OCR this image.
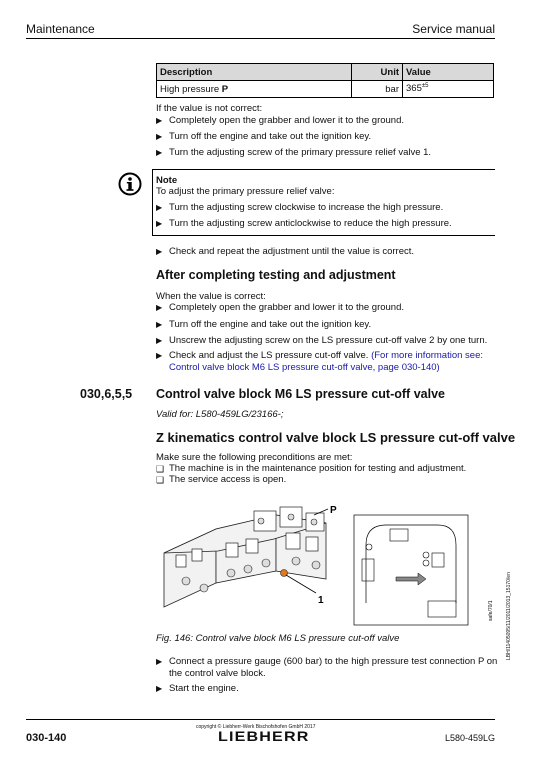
Maintenance	Service manual
Description	Unit	Value
High pressure P	bar	$365^{\pm 5}$
If the value is not correct:
▶ Completely open the grabber and lower it to the ground.
▶ Turn off the engine and take out the ignition key.
▶ Turn the adjusting screw of the primary pressure relief valve 1.
Note
To adjust the primary pressure relief valve:
▶ Turn the adjusting screw clockwise to increase the high pressure.
▶ Turn the adjusting screw anticlockwise to reduce the high pressure.
▶ Check and repeat the adjustment until the value is correct.
After completing testing and adjustment
When the value is correct:
▶ Completely open the grabber and lower it to the ground.
▶ Turn off the engine and take out the ignition key.
▶ Unscrew the adjusting screw on the LS pressure cut-off valve 2 by one turn.
▶ Check and adjust the LS pressure cut-off valve. (For more information see:
Control valve block M6 LS pressure cut-off valve, page 030-140)
030,6,5,5 Control valve block M6 LS pressure cut-off valve
Valid for: L580-459LG/23166-;
Z kinematics control valve block LS pressure cut-off valve
Make sure the following preconditions are met:
❑ The machine is in the maintenance position for testing and adjustment.
❑ The service access is open.
P
1	safe/70/1 LBH/11405095/11/2011/2013_15170/en
Fig. 146: Control valve block M6 LS pressure cut-off valve
▶ Connect a pressure gauge (600 bar) to the high pressure test connection P on the control valve block.
▶ Start the engine.
copyright © Liebherr-Werk Bischofshofen GmbH 2017
030-140	LIEBHERR	L580-459LG
